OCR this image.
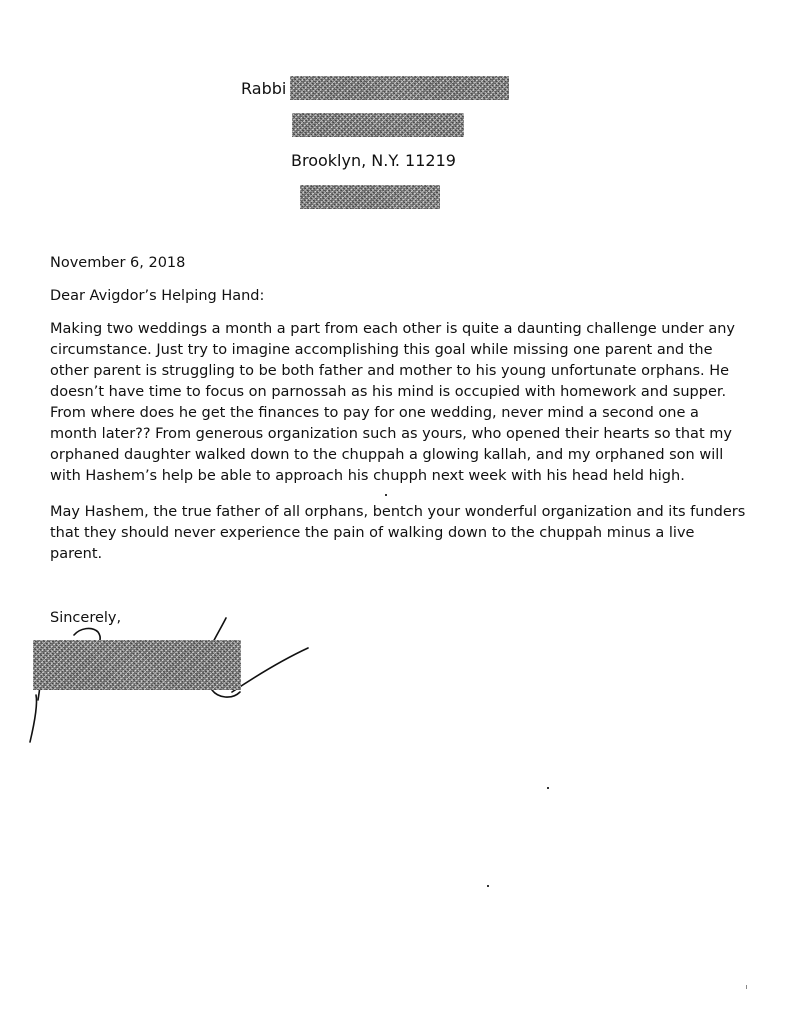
Rabbi
Brooklyn, N.Y. 11219
November 6, 2018
Dear Avigdor’s Helping Hand:
Making two weddings a month a part from each other is quite a daunting challenge under any
circumstance. Just try to imagine accomplishing this goal while missing one parent and the
other parent is struggling to be both father and mother to his young unfortunate orphans. He
doesn’t have time to focus on parnossah as his mind is occupied with homework and supper.
From where does he get the finances to pay for one wedding, never mind a second one a
month later?? From generous organization such as yours, who opened their hearts so that my
orphaned daughter walked down to the chuppah a glowing kallah, and my orphaned son will
with Hashem’s help be able to approach his chupph next week with his head held high.
May Hashem, the true father of all orphans, bentch your wonderful organization and its funders
that they should never experience the pain of walking down to the chuppah minus a live
parent.
Sincerely,
